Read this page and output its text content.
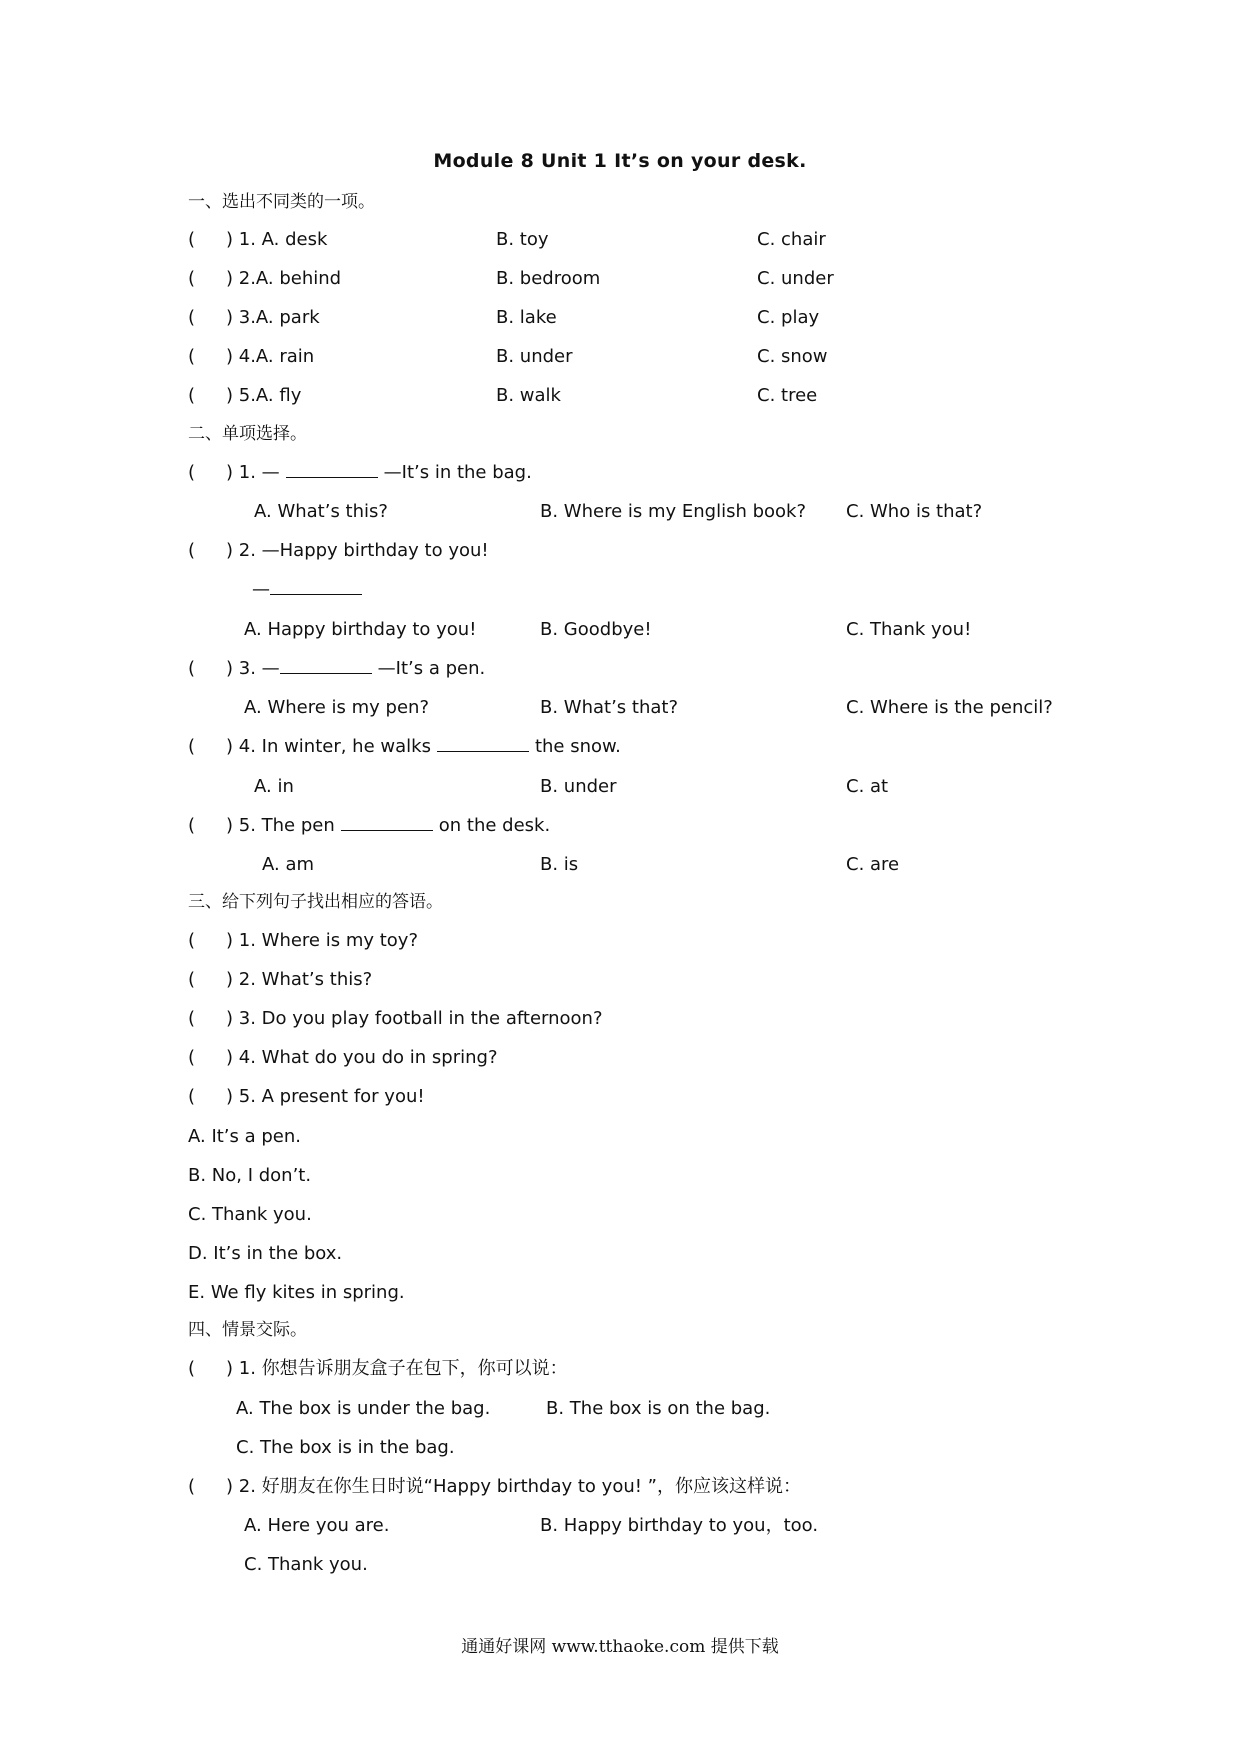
Module 8 Unit 1 It’s on your desk.
一、选出不同类的一项。
( ) 1. A. desk	B. toy	C. chair
( ) 2.A. behind	B. bedroom	C. under
( ) 3.A. park	B. lake	C. play
( ) 4.A. rain	B. under	C. snow
( ) 5.A. fly	B. walk	C. tree
二、单项选择。
( ) 1. —	—It’s in the bag.
A. What’s this?	B. Where is my English book? C. Who is that?
( ) 2. —Happy birthday to you!
—
A. Happy birthday to you!	B. Goodbye!	C. Thank you!
( ) 3. —	—It’s a pen.
A. Where is my pen?	B. What’s that?	C. Where is the pencil?
( ) 4. In winter, he walks	the snow.
A. in	B. under	C. at
( ) 5. The pen	on the desk.
A. am	B. is	C. are
三、给下列句子找出相应的答语。
( ) 1. Where is my toy?
( ) 2. What’s this?
( ) 3. Do you play football in the afternoon?
( ) 4. What do you do in spring?
( ) 5. A present for you!
A. It’s a pen.
B. No, I don’t.
C. Thank you.
D. It’s in the box.
E. We fly kites in spring.
四、情景交际。
( ) 1. 你想告诉朋友盒子在包下，你可以说：
A. The box is under the bag.	B. The box is on the bag.
C. The box is in the bag.
( ) 2. 好朋友在你生日时说“Happy birthday to you! ”，你应该这样说：
A. Here you are.	B. Happy birthday to you，too.
C. Thank you.
通通好课网 www.tthaoke.com 提供下载
